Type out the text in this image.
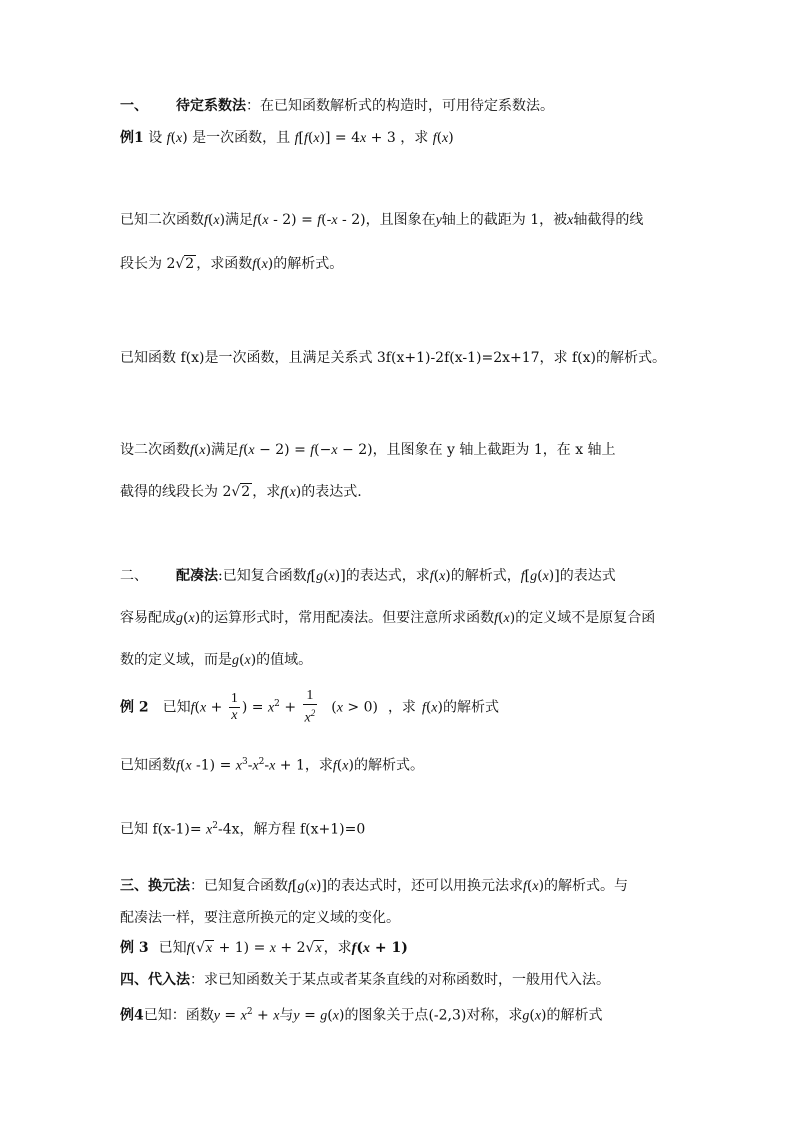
一、 待定系数法：在已知函数解析式的构造时，可用待定系数法。
例1 设 f(x) 是一次函数，且 f[f(x)] = 4x + 3 ，求 f(x)
已知二次函数f(x)满足f(x - 2) = f(-x - 2)，且图象在y轴上的截距为 1，被x轴截得的线
段长为 2√2 ，求函数f(x)的解析式。
已知函数 f(x)是一次函数，且满足关系式 3f(x+1)-2f(x-1)=2x+17，求 f(x)的解析式。
设二次函数f(x)满足f(x − 2) = f(−x − 2)，且图象在 y 轴上截距为 1，在 x 轴上
截得的线段长为 2√2 ，求f(x)的表达式.
二、 配凑法:已知复合函数f[g(x)]的表达式，求f(x)的解析式，f[g(x)]的表达式
容易配成g(x)的运算形式时，常用配凑法。但要注意所求函数f(x)的定义域不是原复合函
数的定义域，而是g(x)的值域。
例 2 已知$f(x + \frac{1}{x}$ ) = $x^2 + \frac{1}{x^2} (x > 0)$ ，求 f(x)的解析式
已知函数f(x $-1) = x^3-x^2-x + 1$，求f(x)的解析式。
已知 $f(x-1)= x^2-4x$，解方程 f(x+1)=0
三、换元法：已知复合函数f[g(x)]的表达式时，还可以用换元法求f(x)的解析式。与
配凑法一样，要注意所换元的定义域的变化。
例 3 已知f(√x + 1) = x + 2√x ，求f(x + 1)
四、代入法：求已知函数关于某点或者某条直线的对称函数时，一般用代入法。
例4已知：函数$y = x^2 + x$与y = g(x)的图象关于点(-2,3)对称，求g(x)的解析式
